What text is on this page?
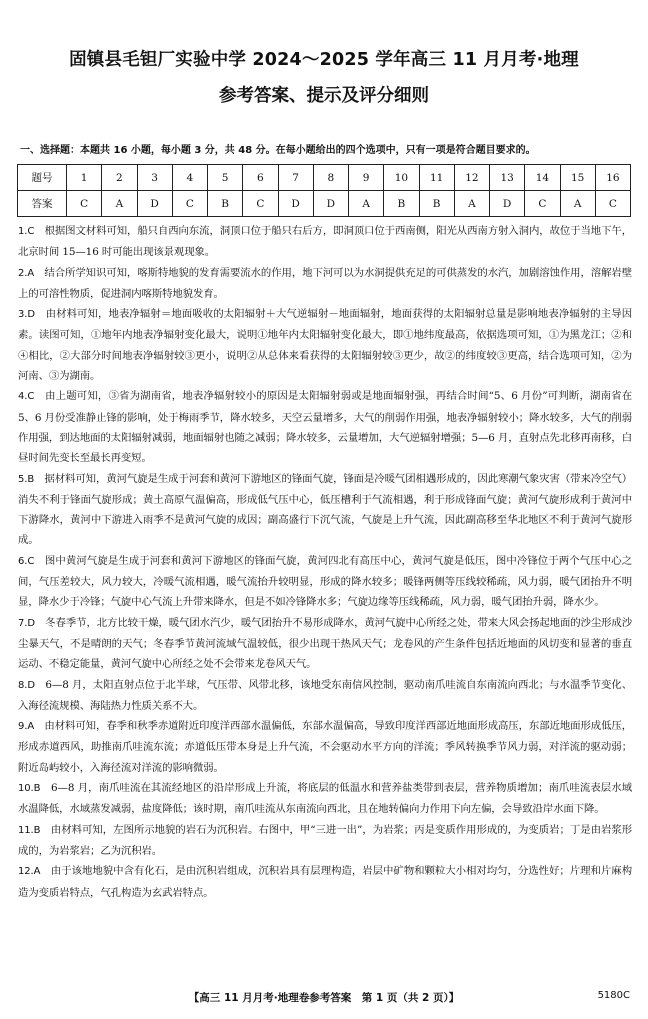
固镇县毛钽厂实验中学 2024～2025 学年高三 11 月月考·地理
参考答案、提示及评分细则
一、选择题：本题共 16 小题，每小题 3 分，共 48 分。在每小题给出的四个选项中，只有一项是符合题目要求的。
题号	1	2	3	4	5	6	7	8	9	10	11	12	13	14	15	16
答案	C	A	D	C	B	C	D	D	A	B	B	A	D	C	A	C
1.C　 根据图文材料可知，船只自西向东流，洞顶口位于船只右后方，即洞顶口位于西南侧，阳光从西南方射入洞内，故位于当地下午，北京时间 15—16 时可能出现该景观现象。
2.A　 结合所学知识可知，喀斯特地貌的发育需要流水的作用，地下河可以为水洞提供充足的可供蒸发的水汽，加剧溶蚀作用，溶解岩壁上的可溶性物质，促进洞内喀斯特地貌发育。
3.D　 由材料可知，地表净辐射＝地面吸收的太阳辐射＋大气逆辐射－地面辐射，地面获得的太阳辐射总量是影响地表净辐射的主导因素。读图可知，①地年内地表净辐射变化最大，说明①地年内太阳辐射变化最大，即①地纬度最高，依据选项可知，①为黑龙江；②和④相比，②大部分时间地表净辐射较③更小，说明②从总体来看获得的太阳辐射较③更少，故②的纬度较③更高，结合选项可知，②为河南、③为湖南。
4.C　 由上题可知，③省为湖南省，地表净辐射较小的原因是太阳辐射弱或是地面辐射强，再结合时间“5、6 月份”可判断，湖南省在 5、6 月份受准静止锋的影响，处于梅雨季节，降水较多，天空云量增多，大气的削弱作用强，地表净辐射较小；降水较多，大气的削弱作用强，到达地面的太阳辐射减弱，地面辐射也随之减弱；降水较多，云量增加，大气逆辐射增强；5—6 月，直射点先北移再南移，白昼时间先变长至最长再变短。
5.B　 据材料可知，黄河气旋是生成于河套和黄河下游地区的锋面气旋，锋面是冷暖气团相遇形成的，因此寒潮气象灾害（带来冷空气）消失不利于锋面气旋形成；黄土高原气温偏高，形成低气压中心，低压槽利于气流相遇，利于形成锋面气旋；黄河气旋形成利于黄河中下游降水，黄河中下游进入雨季不是黄河气旋的成因；副高盛行下沉气流，气旋是上升气流，因此副高移至华北地区不利于黄河气旋形成。
6.C　 图中黄河气旋是生成于河套和黄河下游地区的锋面气旋，黄河四北有高压中心，黄河气旋是低压，图中冷锋位于两个气压中心之间，气压差较大，风力较大，冷暖气流相遇，暖气流抬升较明显，形成的降水较多；暖锋两侧等压线较稀疏，风力弱，暖气团抬升不明显，降水少于冷锋；气旋中心气流上升带来降水，但是不如冷锋降水多；气旋边缘等压线稀疏，风力弱，暖气团抬升弱，降水少。
7.D　 冬春季节，北方比较干燥，暖气团水汽少，暖气团抬升不易形成降水，黄河气旋中心所经之处，带来大风会扬起地面的沙尘形成沙尘暴天气，不是晴朗的天气；冬春季节黄河流域气温较低，很少出现干热风天气；龙卷风的产生条件包括近地面的风切变和显著的垂直运动、不稳定能量，黄河气旋中心所经之处不会带来龙卷风天气。
8.D　 6—8 月，太阳直射点位于北半球，气压带、风带北移，该地受东南信风控制，驱动南爪哇流自东南流向西北；与水温季节变化、入海径流规模、海陆热力性质关系不大。
9.A　 由材料可知，春季和秋季赤道附近印度洋西部水温偏低，东部水温偏高，导致印度洋西部近地面形成高压，东部近地面形成低压，形成赤道西风，助推南爪哇流东流；赤道低压带本身是上升气流，不会驱动水平方向的洋流；季风转换季节风力弱，对洋流的驱动弱；附近岛屿较小，入海径流对洋流的影响微弱。
10.B　 6—8 月，南爪哇流在其流经地区的沿岸形成上升流，将底层的低温水和营养盐类带到表层，营养物质增加；南爪哇流表层水域水温降低，水域蒸发减弱，盐度降低；该时期，南爪哇流从东南流向西北，且在地转偏向力作用下向左偏，会导致沿岸水面下降。
11.B　 由材料可知，左图所示地貌的岩石为沉积岩。右图中，甲“三进一出”，为岩浆；丙是变质作用形成的，为变质岩；丁是由岩浆形成的，为岩浆岩；乙为沉积岩。
12.A　 由于该地地貌中含有化石，是由沉积岩组成，沉积岩具有层理构造，岩层中矿物和颗粒大小相对均匀，分选性好；片理和片麻构造为变质岩特点，气孔构造为玄武岩特点。
【高三 11 月月考·地理卷参考答案　第 1 页（共 2 页）】	5180C
